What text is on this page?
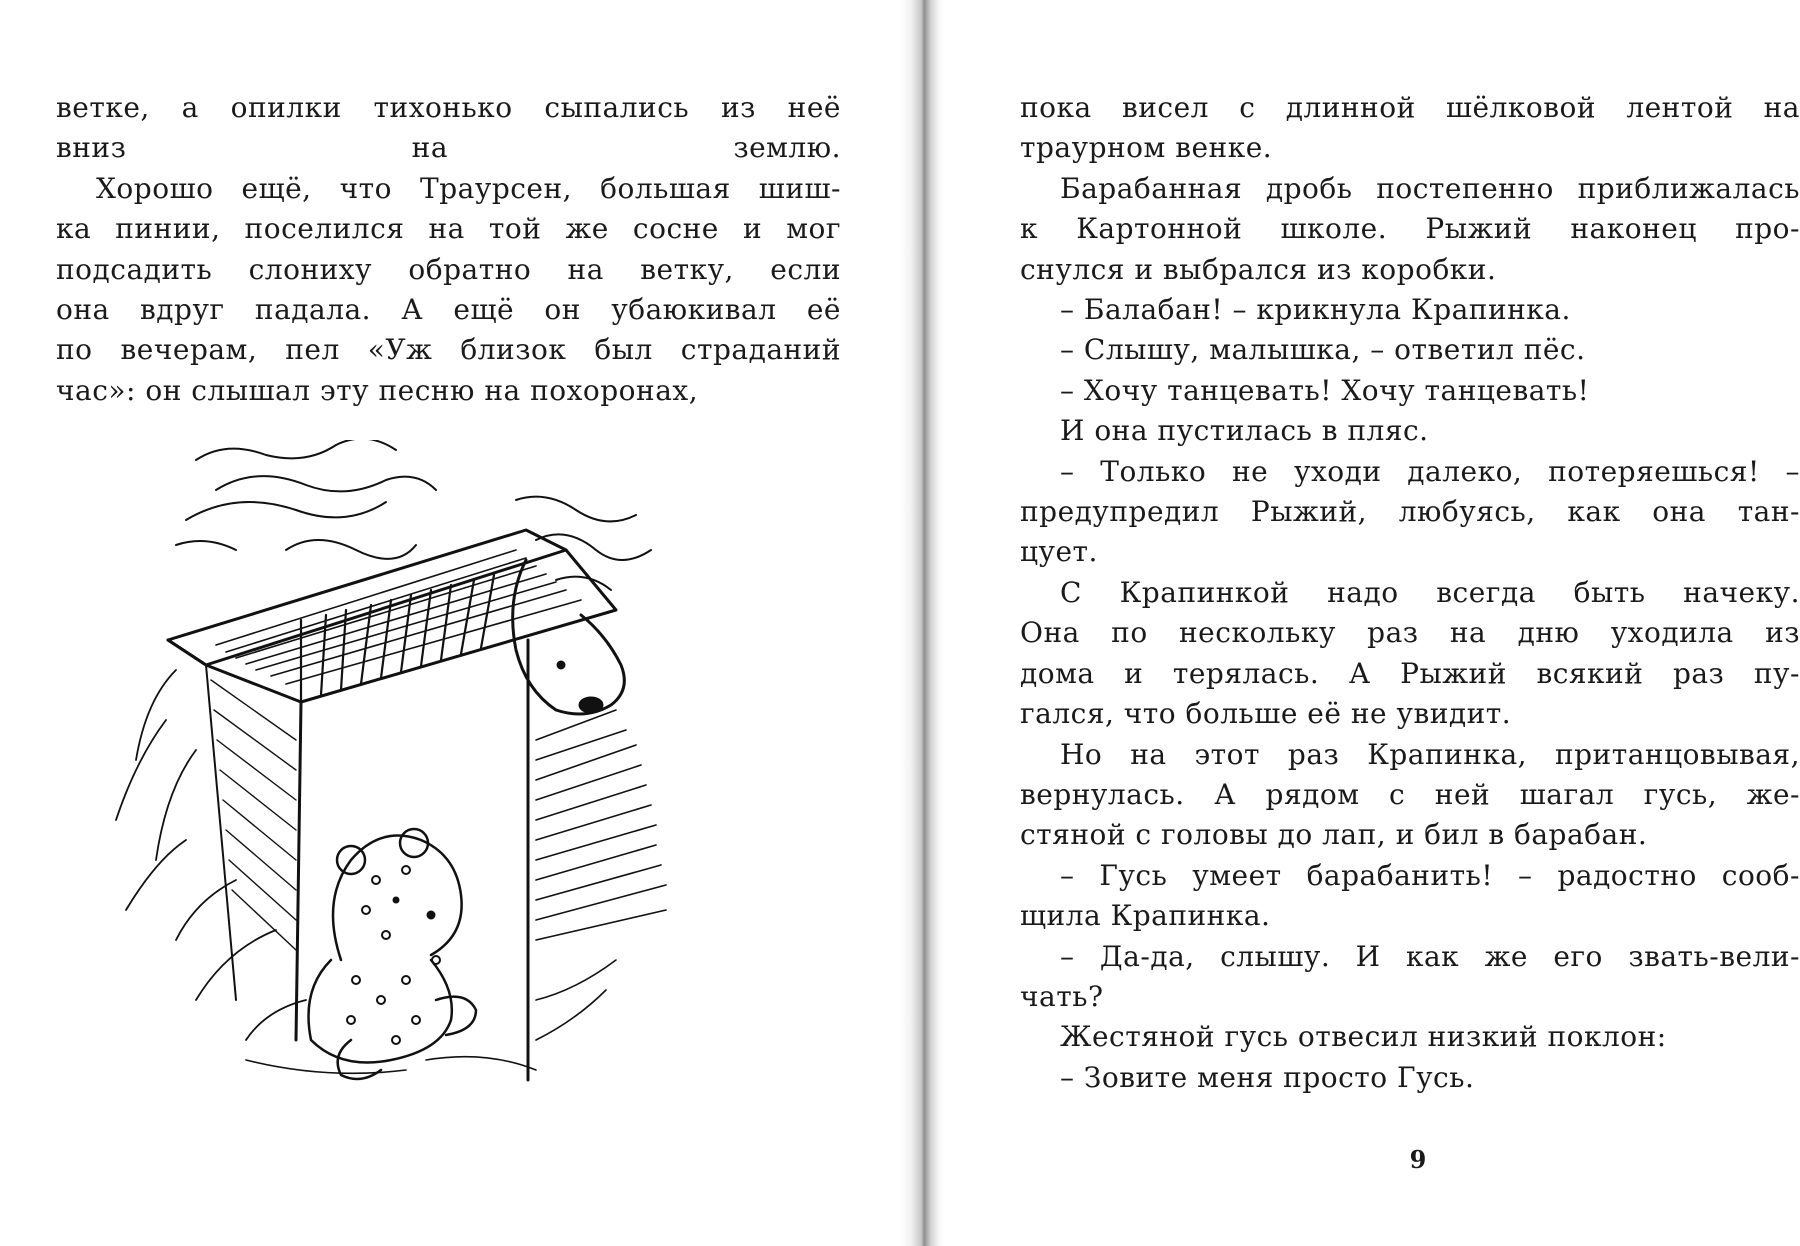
ветке, а опилки тихонько сыпались из неё
вниз на землю.

Хорошо ещё, что Траурсен, большая шиш-
ка пинии, поселился на той же сосне и мог
подсадить слониху обратно на ветку, если
она вдруг падала. А ещё он убаюкивал её
по вечерам, пел «Уж близок был страданий
час»: он слышал эту песню на похоронах,

пока висел с длинной шёлковой лентой на
траурном венке.

Барабанная дробь постепенно приближалась
к Картонной школе. Рыжий наконец про-
снулся и выбрался из коробки.

– Балабан! – крикнула Крапинка.

– Слышу, малышка, – ответил пёс.

– Хочу танцевать! Хочу танцевать!

И она пустилась в пляс.

– Только не уходи далеко, потеряешься! –
предупредил Рыжий, любуясь, как она тан-
цует.

С Крапинкой надо всегда быть начеку.
Она по нескольку раз на дню уходила из
дома и терялась. А Рыжий всякий раз пу-
гался, что больше её не увидит.

Но на этот раз Крапинка, пританцовывая,
вернулась. А рядом с ней шагал гусь, же-
стяной с головы до лап, и бил в барабан.

– Гусь умеет барабанить! – радостно сооб-
щила Крапинка.

– Да-да, слышу. И как же его звать-вели-
чать?

Жестяной гусь отвесил низкий поклон:

– Зовите меня просто Гусь.

9
